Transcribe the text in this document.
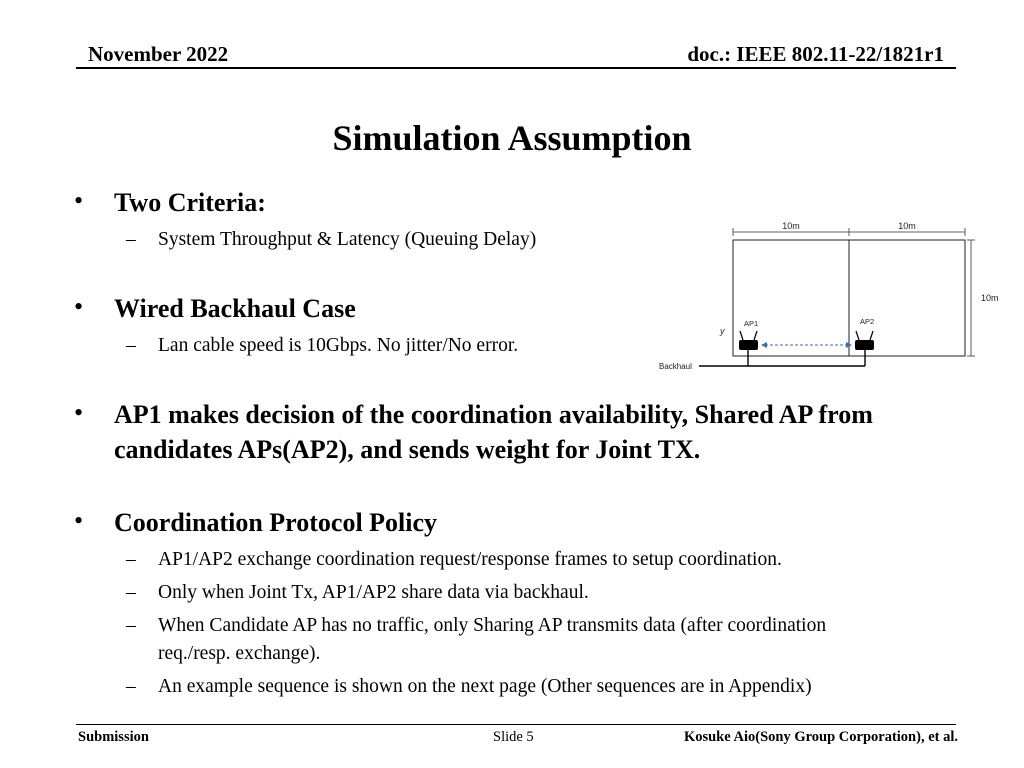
November 2022	doc.: IEEE 802.11-22/1821r1
Simulation Assumption
•	Two Criteria:
– System Throughput & Latency (Queuing Delay)
•	Wired Backhaul Case
– Lan cable speed is 10Gbps. No jitter/No error.
•	AP1 makes decision of the coordination availability, Shared AP from
candidates APs(AP2), and sends weight for Joint TX.
•	Coordination Protocol Policy
– AP1/AP2 exchange coordination request/response frames to setup coordination.
– Only when Joint Tx, AP1/AP2 share data via backhaul.
– When Candidate AP has no traffic, only Sharing AP transmits data (after coordination
req./resp. exchange).
– An example sequence is shown on the next page (Other sequences are in Appendix)
10m	10m
10m
y
AP1	AP2
Backhaul
Submission	Slide 5	Kosuke Aio(Sony Group Corporation), et al.
